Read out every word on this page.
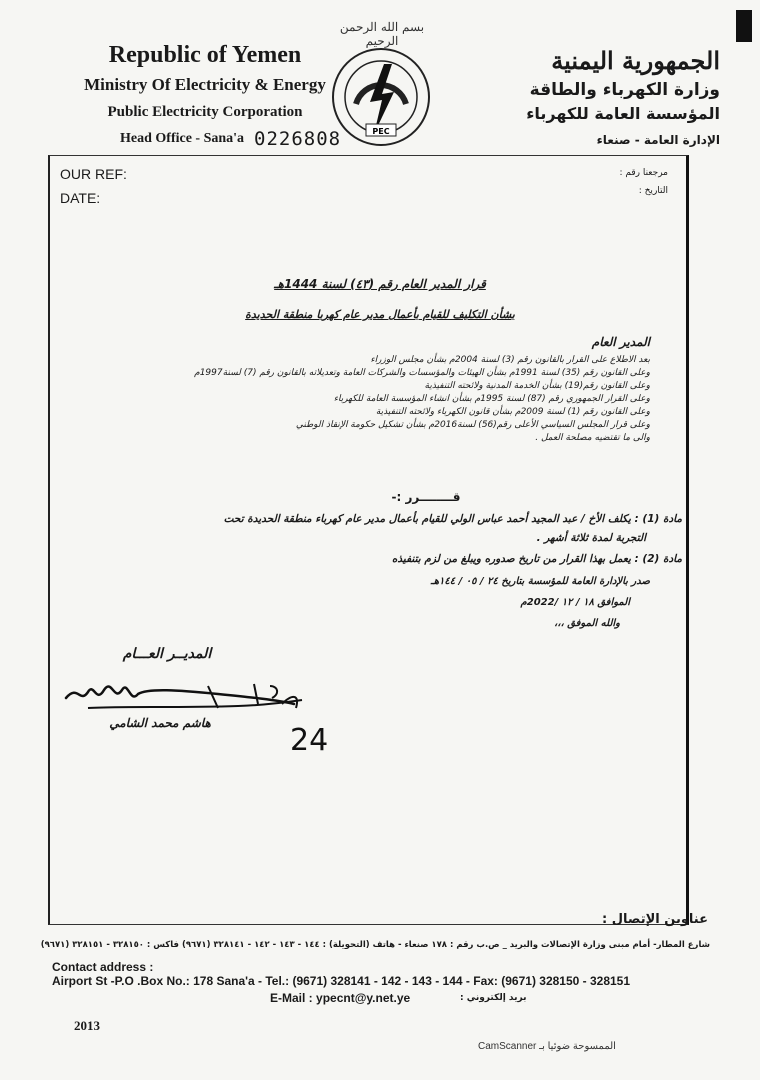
بسم الله الرحمن الرحيم
Republic of Yemen
Ministry Of Electricity & Energy
Public Electricity Corporation
Head Office - Sana'a 0226808	PEC
الجمهورية اليمنية
وزارة الكهرباء والطاقة
المؤسسة العامة للكهرباء
الإدارة العامة - صنعاء
OUR REF:
DATE:
مرجعنا رقم :
التاريخ :
قرار المدير العام رقم (٤٣) لسنة 1444هـ
بشأن التكليف للقيام بأعمال مدير عام كهربا منطقة الحديدة
المدير العام
بعد الاطلاع على القرار بالقانون رقم (3) لسنة 2004م بشأن مجلس الوزراء
وعلى القانون رقم (35) لسنة 1991م بشأن الهيئات والمؤسسات والشركات العامة وتعديلاته بالقانون رقم (7) لسنة1997م
وعلى القانون رقم(19) بشأن الخدمة المدنية ولائحته التنفيذية
وعلى القرار الجمهوري رقم (87) لسنة 1995م بشأن انشاء المؤسسة العامة للكهرباء
وعلى القانون رقم (1) لسنة 2009م بشأن قانون الكهرباء ولائحته التنفيذية
وعلى قرار المجلس السياسي الأعلى رقم(56) لسنة2016م بشأن تشكيل حكومة الإنقاذ الوطني
والى ما تقتضيه مصلحة العمل .
قــــــــرر :-
مادة (1) : يكلف الأخ / عبد المجيد أحمد عباس الولي للقيام بأعمال مدير عام كهرباء منطقة الحديدة تحت
التجربة لمدة ثلاثة أشهر .
مادة (2) : يعمل بهذا القرار من تاريخ صدوره ويبلغ من لزم بتنفيذه
صدر بالإدارة العامة للمؤسسة بتاريخ ٢٤ / ٠٥ / ١٤٤هـ
الموافق ١٨ / ١٢ /2022م
والله الموفق ،،،
المديــر العـــام
24
هاشم محمد الشامي
عناوين الإتصال :
شارع المطار- أمام مبنى وزارة الإتصالات والبريد _ ص.ب رقم : ١٧٨ صنعاء - هاتف (التحويلة) : ١٤٤ - ١٤٣ - ١٤٢ - ٣٢٨١٤١ (٩٦٧١) فاكس : ٣٢٨١٥٠ - ٣٢٨١٥١ (٩٦٧١)
Contact address :
Airport St -P.O .Box No.: 178 Sana'a - Tel.: (9671) 328141 - 142 - 143 - 144 - Fax: (9671) 328150 - 328151
E-Mail : ypecnt@y.net.ye	بريد إلكتروني :
2013
الممسوحة ضوئيا بـ CamScanner
